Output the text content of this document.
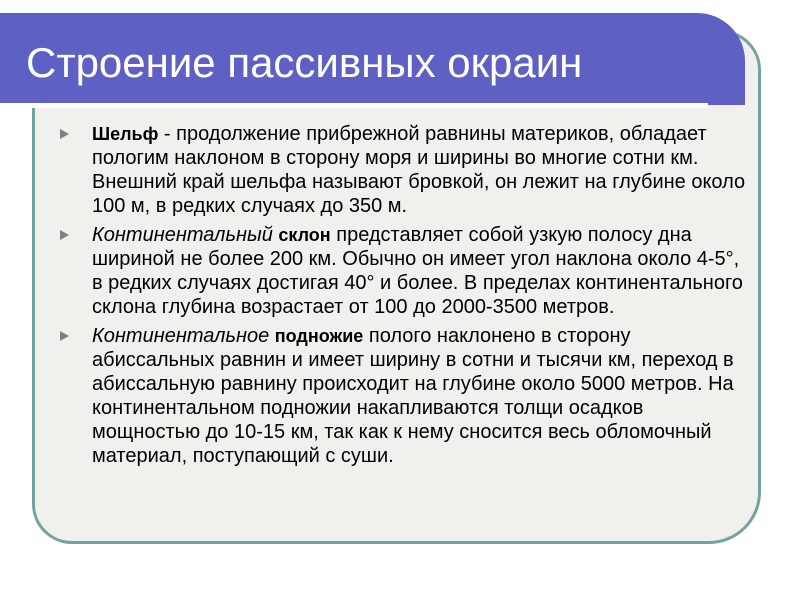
Строение пассивных окраин
Шельф - продолжение прибрежной равнины материков, обладает пологим наклоном в сторону моря и ширины во многие сотни км. Внешний край шельфа называют бровкой, он лежит на глубине около 100 м, в редких случаях до 350 м.
Континентальный склон представляет собой узкую полосу дна шириной не более 200 км. Обычно он имеет угол наклона около 4-5°, в редких случаях достигая 40° и более. В пределах континентального склона глубина возрастает от 100 до 2000-3500 метров.
Континентальное подножие полого наклонено в сторону абиссальных равнин и имеет ширину в сотни и тысячи км, переход в абиссальную равнину происходит на глубине около 5000 метров. На континентальном подножии накапливаются толщи осадков мощностью до 10-15 км, так как к нему сносится весь обломочный материал, поступающий с суши.
